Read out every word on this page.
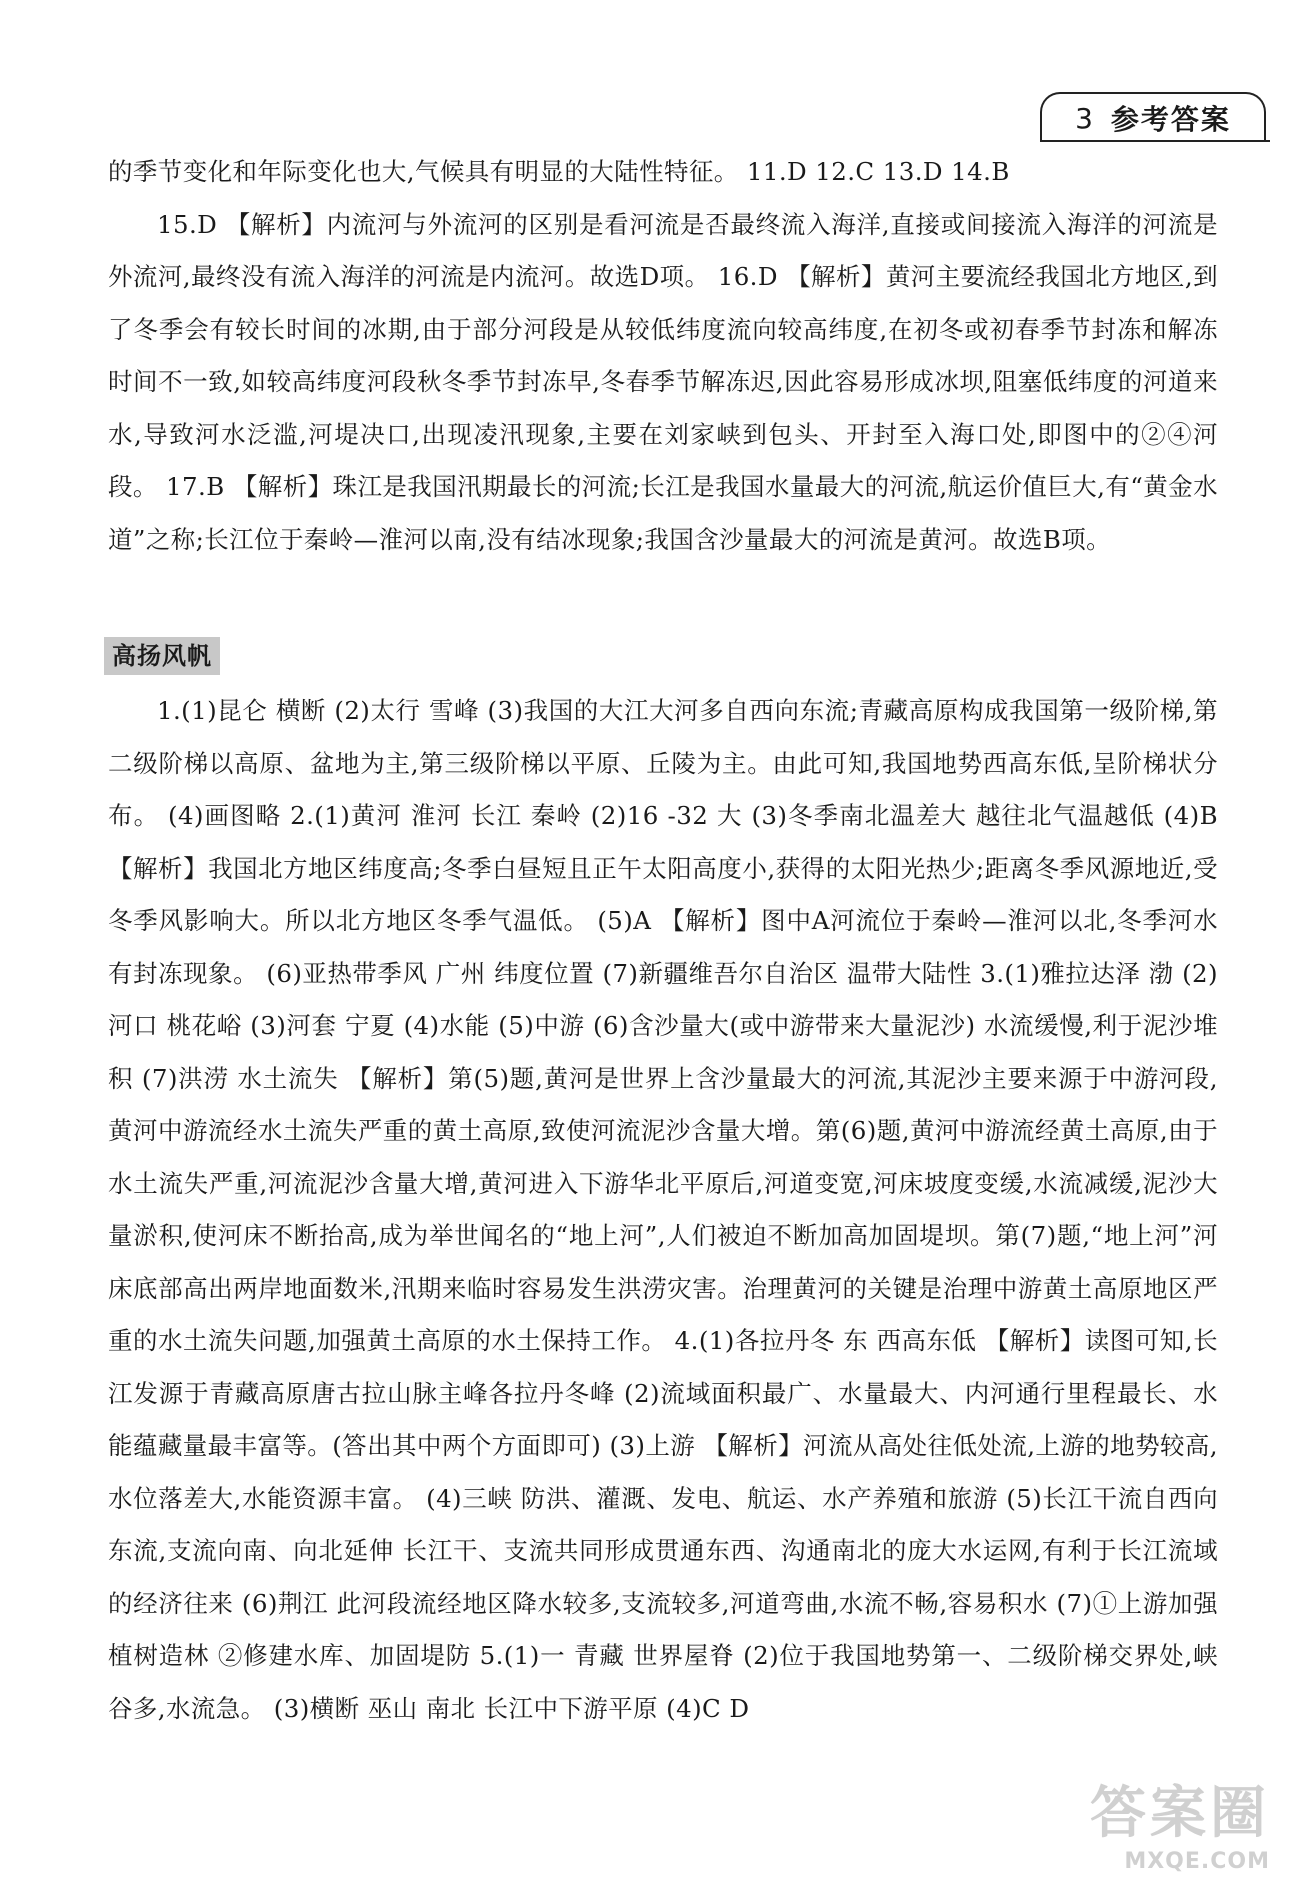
3 参考答案

的季节变化和年际变化也大,气候具有明显的大陆性特征。 11.D 12.C 13.D 14.B

15.D 【解析】内流河与外流河的区别是看河流是否最终流入海洋,直接或间接流入海洋的河流是外流河,最终没有流入海洋的河流是内流河。故选D项。 16.D 【解析】黄河主要流经我国北方地区,到了冬季会有较长时间的冰期,由于部分河段是从较低纬度流向较高纬度,在初冬或初春季节封冻和解冻时间不一致,如较高纬度河段秋冬季节封冻早,冬春季节解冻迟,因此容易形成冰坝,阻塞低纬度的河道来水,导致河水泛滥,河堤决口,出现凌汛现象,主要在刘家峡到包头、开封至入海口处,即图中的②④河段。 17.B 【解析】珠江是我国汛期最长的河流;长江是我国水量最大的河流,航运价值巨大,有“黄金水道”之称;长江位于秦岭—淮河以南,没有结冰现象;我国含沙量最大的河流是黄河。故选B项。

高扬风帆

1.(1)昆仑 横断 (2)太行 雪峰 (3)我国的大江大河多自西向东流;青藏高原构成我国第一级阶梯,第二级阶梯以高原、盆地为主,第三级阶梯以平原、丘陵为主。由此可知,我国地势西高东低,呈阶梯状分布。 (4)画图略 2.(1)黄河 淮河 长江 秦岭 (2)16 -32 大 (3)冬季南北温差大 越往北气温越低 (4)B 【解析】我国北方地区纬度高;冬季白昼短且正午太阳高度小,获得的太阳光热少;距离冬季风源地近,受冬季风影响大。所以北方地区冬季气温低。 (5)A 【解析】图中A河流位于秦岭—淮河以北,冬季河水有封冻现象。 (6)亚热带季风 广州 纬度位置 (7)新疆维吾尔自治区 温带大陆性 3.(1)雅拉达泽 渤 (2)河口 桃花峪 (3)河套 宁夏 (4)水能 (5)中游 (6)含沙量大(或中游带来大量泥沙) 水流缓慢,利于泥沙堆积 (7)洪涝 水土流失 【解析】第(5)题,黄河是世界上含沙量最大的河流,其泥沙主要来源于中游河段,黄河中游流经水土流失严重的黄土高原,致使河流泥沙含量大增。第(6)题,黄河中游流经黄土高原,由于水土流失严重,河流泥沙含量大增,黄河进入下游华北平原后,河道变宽,河床坡度变缓,水流减缓,泥沙大量淤积,使河床不断抬高,成为举世闻名的“地上河”,人们被迫不断加高加固堤坝。第(7)题,“地上河”河床底部高出两岸地面数米,汛期来临时容易发生洪涝灾害。治理黄河的关键是治理中游黄土高原地区严重的水土流失问题,加强黄土高原的水土保持工作。 4.(1)各拉丹冬 东 西高东低 【解析】读图可知,长江发源于青藏高原唐古拉山脉主峰各拉丹冬峰 (2)流域面积最广、水量最大、内河通行里程最长、水能蕴藏量最丰富等。(答出其中两个方面即可) (3)上游 【解析】河流从高处往低处流,上游的地势较高,水位落差大,水能资源丰富。 (4)三峡 防洪、灌溉、发电、航运、水产养殖和旅游 (5)长江干流自西向东流,支流向南、向北延伸 长江干、支流共同形成贯通东西、沟通南北的庞大水运网,有利于长江流域的经济往来 (6)荆江 此河段流经地区降水较多,支流较多,河道弯曲,水流不畅,容易积水 (7)①上游加强植树造林 ②修建水库、加固堤防 5.(1)一 青藏 世界屋脊 (2)位于我国地势第一、二级阶梯交界处,峡谷多,水流急。 (3)横断 巫山 南北 长江中下游平原 (4)C D

答案圈
MXQE.COM
